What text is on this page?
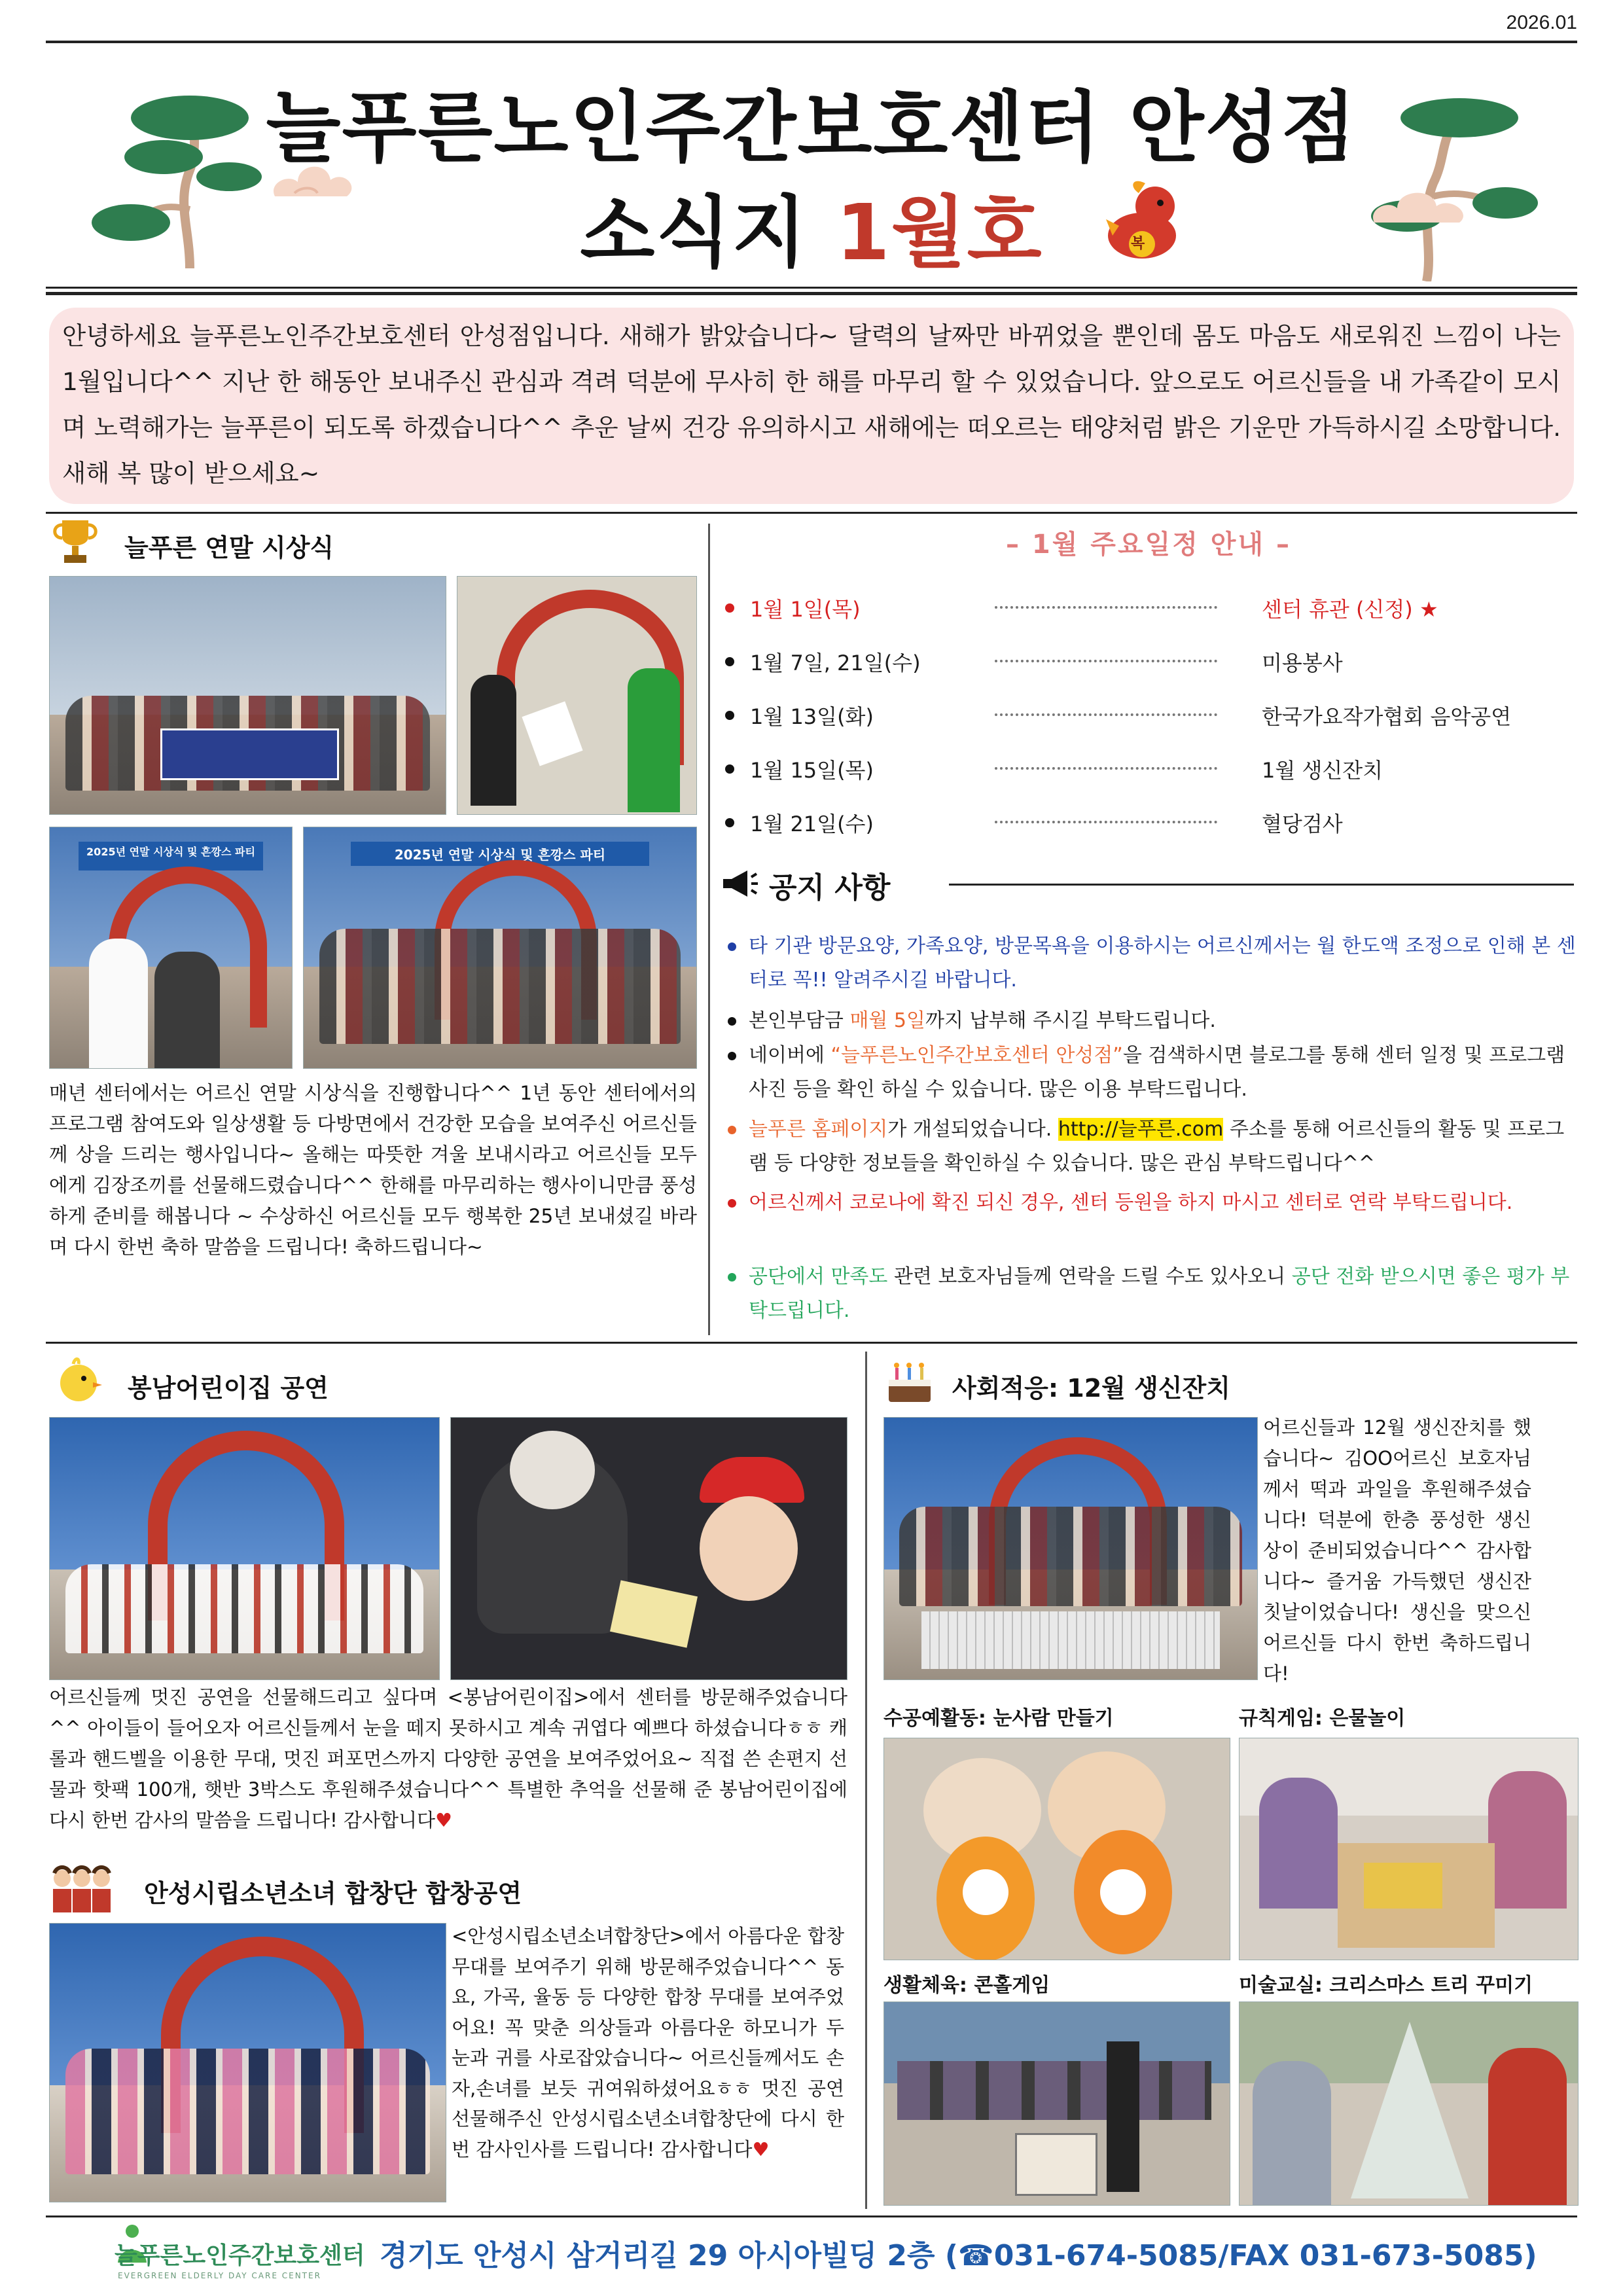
2026.01
늘푸른노인주간보호센터 안성점
소식지 1월호	복
안녕하세요 늘푸른노인주간보호센터 안성점입니다. 새해가 밝았습니다~ 달력의 날짜만 바뀌었을 뿐인데 몸도 마음도 새로워진 느낌이 나는 1월입니다^^ 지난 한 해동안 보내주신 관심과 격려 덕분에 무사히 한 해를 마무리 할 수 있었습니다. 앞으로도 어르신들을 내 가족같이 모시며 노력해가는 늘푸른이 되도록 하겠습니다^^ 추운 날씨 건강 유의하시고 새해에는 떠오르는 태양처럼 밝은 기운만 가득하시길 소망합니다. 새해 복 많이 받으세요~
늘푸른 연말 시상식
2025년 연말 시상식 및 흔깡스 파티	2025년 연말 시상식 및 흔깡스 파티
매년 센터에서는 어르신 연말 시상식을 진행합니다^^ 1년 동안 센터에서의 프로그램 참여도와 일상생활 등 다방면에서 건강한 모습을 보여주신 어르신들께 상을 드리는 행사입니다~ 올해는 따뜻한 겨울 보내시라고 어르신들 모두에게 김장조끼를 선물해드렸습니다^^ 한해를 마무리하는 행사이니만큼 풍성하게 준비를 해봅니다 ~ 수상하신 어르신들 모두 행복한 25년 보내셨길 바라며 다시 한번 축하 말씀을 드립니다! 축하드립니다~
– 1월 주요일정 안내 –
1월 1일(목)	센터 휴관 (신정) ★
1월 7일, 21일(수)	미용봉사
1월 13일(화)	한국가요작가협회 음악공연
1월 15일(목)	1월 생신잔치
1월 21일(수)	혈당검사
공지 사항
타 기관 방문요양, 가족요양, 방문목욕을 이용하시는 어르신께서는 월 한도액 조정으로 인해 본 센터로 꼭!! 알려주시길 바랍니다.
본인부담금 매월 5일까지 납부해 주시길 부탁드립니다.
네이버에 “늘푸른노인주간보호센터 안성점”을 검색하시면 블로그를 통해 센터 일정 및 프로그램 사진 등을 확인 하실 수 있습니다. 많은 이용 부탁드립니다.
늘푸른 홈페이지가 개설되었습니다. http://늘푸른.com 주소를 통해 어르신들의 활동 및 프로그램 등 다양한 정보들을 확인하실 수 있습니다. 많은 관심 부탁드립니다^^
어르신께서 코로나에 확진 되신 경우, 센터 등원을 하지 마시고 센터로 연락 부탁드립니다.
공단에서 만족도 관련 보호자님들께 연락을 드릴 수도 있사오니 공단 전화 받으시면 좋은 평가 부탁드립니다.
봉남어린이집 공연
어르신들께 멋진 공연을 선물해드리고 싶다며 <봉남어린이집>에서 센터를 방문해주었습니다^^ 아이들이 들어오자 어르신들께서 눈을 떼지 못하시고 계속 귀엽다 예쁘다 하셨습니다ㅎㅎ 캐롤과 핸드벨을 이용한 무대, 멋진 퍼포먼스까지 다양한 공연을 보여주었어요~ 직접 쓴 손편지 선물과 핫팩 100개, 햇반 3박스도 후원해주셨습니다^^ 특별한 추억을 선물해 준 봉남어린이집에 다시 한번 감사의 말씀을 드립니다! 감사합니다♥
안성시립소년소녀 합창단 합창공연
<안성시립소년소녀합창단>에서 아름다운 합창 무대를 보여주기 위해 방문해주었습니다^^ 동요, 가곡, 율동 등 다양한 합창 무대를 보여주었어요! 꼭 맞춘 의상들과 아름다운 하모니가 두 눈과 귀를 사로잡았습니다~ 어르신들께서도 손자,손녀를 보듯 귀여워하셨어요ㅎㅎ 멋진 공연 선물해주신 안성시립소년소녀합창단에 다시 한번 감사인사를 드립니다! 감사합니다♥
사회적응: 12월 생신잔치
어르신들과 12월 생신잔치를 했습니다~ 김OO어르신 보호자님께서 떡과 과일을 후원해주셨습니다! 덕분에 한층 풍성한 생신상이 준비되었습니다^^ 감사합니다~ 즐거움 가득했던 생신잔칫날이었습니다! 생신을 맞으신 어르신들 다시 한번 축하드립니다!
수공예활동: 눈사람 만들기	규칙게임: 은물놀이
생활체육: 콘홀게임	미술교실: 크리스마스 트리 꾸미기
늘푸른노인주간보호센터
EVERGREEN ELDERLY DAY CARE CENTER
경기도 안성시 삼거리길 29 아시아빌딩 2층 (☎031-674-5085/FAX 031-673-5085)
